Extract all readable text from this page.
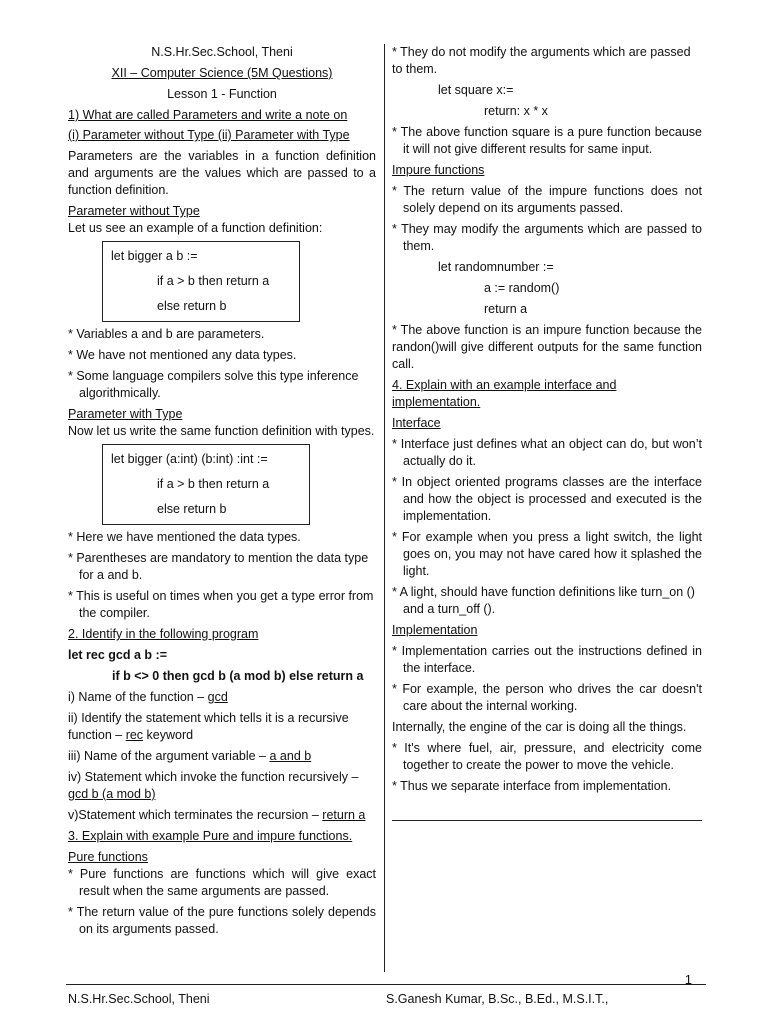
N.S.Hr.Sec.School, Theni

XII – Computer Science (5M Questions)

Lesson 1 - Function

1) What are called Parameters and write a note on

(i) Parameter without Type (ii) Parameter with Type

Parameters are the variables in a function definition and arguments are the values which are passed to a function definition.

Parameter without Type

Let us see an example of a function definition:

let bigger a b :=
if a > b then return a
else return b

* Variables a and b are parameters.

* We have not mentioned any data types.

* Some language compilers solve this type inference algorithmically.

Parameter with Type

Now let us write the same function definition with types.

let bigger (a:int) (b:int) :int :=
if a > b then return a
else return b

* Here we have mentioned the data types.

* Parentheses are mandatory to mention the data type for a and b.

* This is useful on times when you get a type error from the compiler.

2. Identify in the following program

let rec gcd a b :=

if b <> 0 then gcd b (a mod b) else return a

i) Name of the function – gcd

ii) Identify the statement which tells it is a recursive function – rec keyword

iii) Name of the argument variable – a and b

iv) Statement which invoke the function recursively – gcd b (a mod b)

v)Statement which terminates the recursion – return a

3. Explain with example Pure and impure functions.

Pure functions

* Pure functions are functions which will give exact result when the same arguments are passed.

* The return value of the pure functions solely depends on its arguments passed.

* They do not modify the arguments which are passed to them.

let square x:=

return: x * x

* The above function square is a pure function because it will not give different results for same input.

Impure functions

* The return value of the impure functions does not solely depend on its arguments passed.

* They may modify the arguments which are passed to them.

let randomnumber :=

a := random()

return a

* The above function is an impure function because the randon()will give different outputs for the same function call.

4. Explain with an example interface and implementation.

Interface

* Interface just defines what an object can do, but won’t actually do it.

* In object oriented programs classes are the interface and how the object is processed and executed is the implementation.

* For example when you press a light switch, the light goes on, you may not have cared how it splashed the light.

* A light, should have function definitions like turn_on () and a turn_off ().

Implementation

* Implementation carries out the instructions defined in the interface.

* For example, the person who drives the car doesn't care about the internal working.

Internally, the engine of the car is doing all the things.

* It's where fuel, air, pressure, and electricity come together to create the power to move the vehicle.

* Thus we separate interface from implementation.

1
N.S.Hr.Sec.School, Theni	S.Ganesh Kumar, B.Sc., B.Ed., M.S.I.T.,
